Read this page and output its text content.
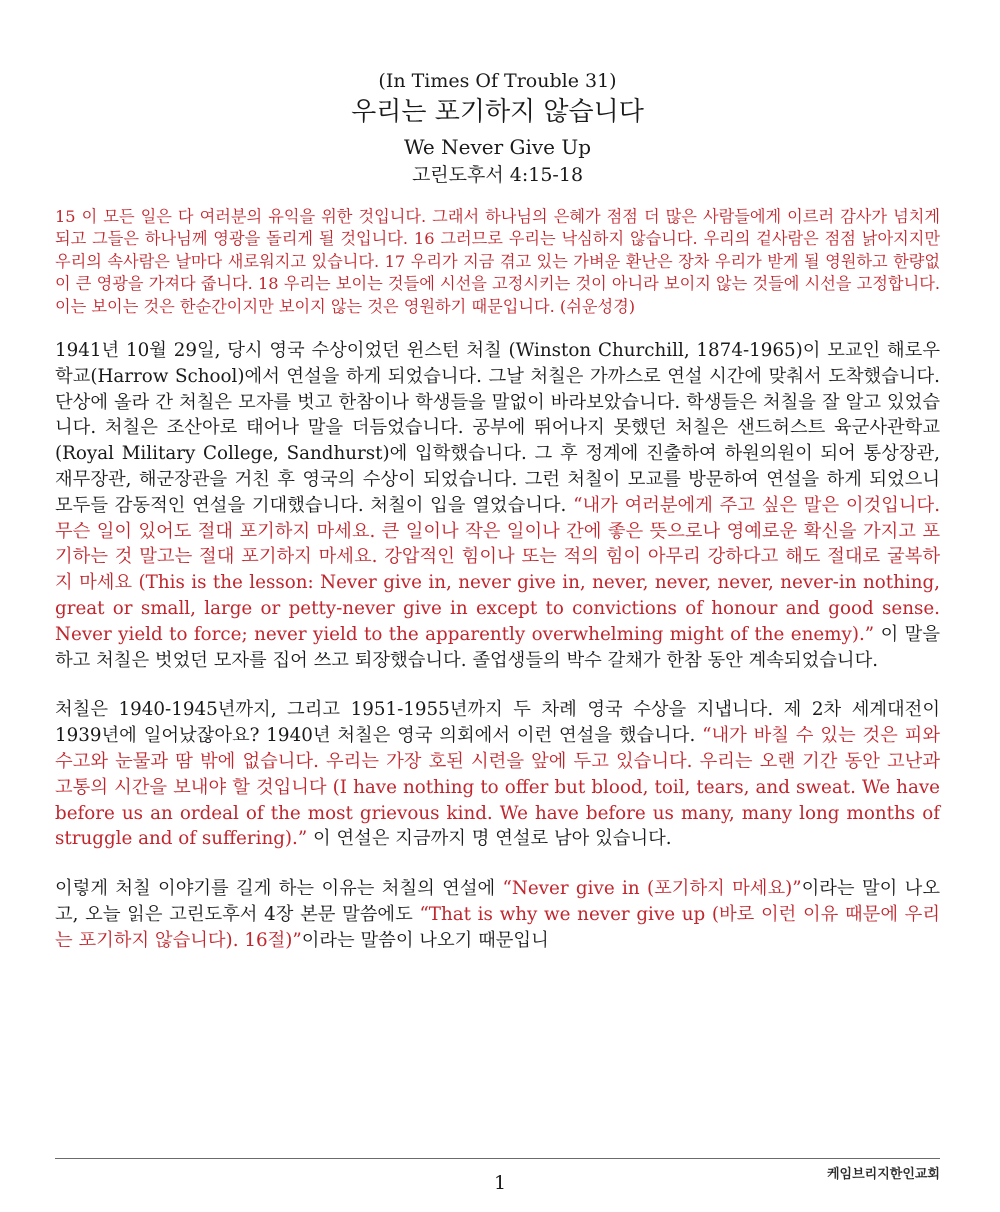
(In Times Of Trouble 31)
우리는 포기하지 않습니다
We Never Give Up
고린도후서 4:15-18
15 이 모든 일은 다 여러분의 유익을 위한 것입니다. 그래서 하나님의 은혜가 점점 더 많은 사람들에게 이르러 감사가 넘치게 되고 그들은 하나님께 영광을 돌리게 될 것입니다. 16 그러므로 우리는 낙심하지 않습니다. 우리의 겉사람은 점점 낡아지지만 우리의 속사람은 날마다 새로워지고 있습니다. 17 우리가 지금 겪고 있는 가벼운 환난은 장차 우리가 받게 될 영원하고 한량없이 큰 영광을 가져다 줍니다. 18 우리는 보이는 것들에 시선을 고정시키는 것이 아니라 보이지 않는 것들에 시선을 고정합니다. 이는 보이는 것은 한순간이지만 보이지 않는 것은 영원하기 때문입니다. (쉬운성경)
1941년 10월 29일, 당시 영국 수상이었던 윈스턴 처칠 (Winston Churchill, 1874-1965)이 모교인 해로우학교(Harrow School)에서 연설을 하게 되었습니다. 그날 처칠은 가까스로 연설 시간에 맞춰서 도착했습니다. 단상에 올라 간 처칠은 모자를 벗고 한참이나 학생들을 말없이 바라보았습니다. 학생들은 처칠을 잘 알고 있었습니다. 처칠은 조산아로 태어나 말을 더듬었습니다. 공부에 뛰어나지 못했던 처칠은 샌드허스트 육군사관학교 (Royal Military College, Sandhurst)에 입학했습니다. 그 후 정계에 진출하여 하원의원이 되어 통상장관, 재무장관, 해군장관을 거친 후 영국의 수상이 되었습니다. 그런 처칠이 모교를 방문하여 연설을 하게 되었으니 모두들 감동적인 연설을 기대했습니다. 처칠이 입을 열었습니다. “내가 여러분에게 주고 싶은 말은 이것입니다. 무슨 일이 있어도 절대 포기하지 마세요. 큰 일이나 작은 일이나 간에 좋은 뜻으로나 영예로운 확신을 가지고 포기하는 것 말고는 절대 포기하지 마세요. 강압적인 힘이나 또는 적의 힘이 아무리 강하다고 해도 절대로 굴복하지 마세요 (This is the lesson: Never give in, never give in, never, never, never, never-in nothing, great or small, large or petty-never give in except to convictions of honour and good sense. Never yield to force; never yield to the apparently overwhelming might of the enemy).” 이 말을 하고 처칠은 벗었던 모자를 집어 쓰고 퇴장했습니다. 졸업생들의 박수 갈채가 한참 동안 계속되었습니다.
처칠은 1940-1945년까지, 그리고 1951-1955년까지 두 차례 영국 수상을 지냅니다. 제 2차 세계대전이 1939년에 일어났잖아요? 1940년 처칠은 영국 의회에서 이런 연설을 했습니다. “내가 바칠 수 있는 것은 피와 수고와 눈물과 땀 밖에 없습니다. 우리는 가장 호된 시련을 앞에 두고 있습니다. 우리는 오랜 기간 동안 고난과 고통의 시간을 보내야 할 것입니다 (I have nothing to offer but blood, toil, tears, and sweat. We have before us an ordeal of the most grievous kind. We have before us many, many long months of struggle and of suffering).” 이 연설은 지금까지 명 연설로 남아 있습니다.
이렇게 처칠 이야기를 길게 하는 이유는 처칠의 연설에 “Never give in (포기하지 마세요)”이라는 말이 나오고, 오늘 읽은 고린도후서 4장 본문 말씀에도 “That is why we never give up (바로 이런 이유 때문에 우리는 포기하지 않습니다). 16절)”이라는 말씀이 나오기 때문입니
케임브리지한인교회
1
